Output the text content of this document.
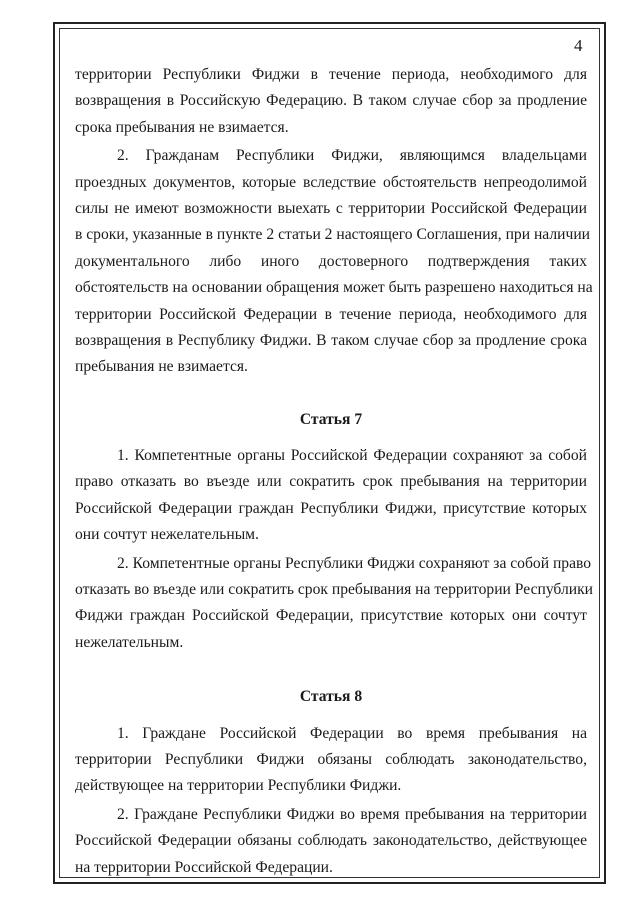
4
территории Республики Фиджи в течение периода, необходимого для
возвращения в Российскую Федерацию. В таком случае сбор за продление
срока пребывания не взимается.
2. Гражданам Республики Фиджи, являющимся владельцами
проездных документов, которые вследствие обстоятельств непреодолимой
силы не имеют возможности выехать с территории Российской Федерации
в сроки, указанные в пункте 2 статьи 2 настоящего Соглашения, при наличии
документального либо иного достоверного подтверждения таких
обстоятельств на основании обращения может быть разрешено находиться на
территории Российской Федерации в течение периода, необходимого для
возвращения в Республику Фиджи. В таком случае сбор за продление срока
пребывания не взимается.
Статья 7
1. Компетентные органы Российской Федерации сохраняют за собой
право отказать во въезде или сократить срок пребывания на территории
Российской Федерации граждан Республики Фиджи, присутствие которых
они сочтут нежелательным.
2. Компетентные органы Республики Фиджи сохраняют за собой право
отказать во въезде или сократить срок пребывания на территории Республики
Фиджи граждан Российской Федерации, присутствие которых они сочтут
нежелательным.
Статья 8
1. Граждане Российской Федерации во время пребывания на
территории Республики Фиджи обязаны соблюдать законодательство,
действующее на территории Республики Фиджи.
2. Граждане Республики Фиджи во время пребывания на территории
Российской Федерации обязаны соблюдать законодательство, действующее
на территории Российской Федерации.
